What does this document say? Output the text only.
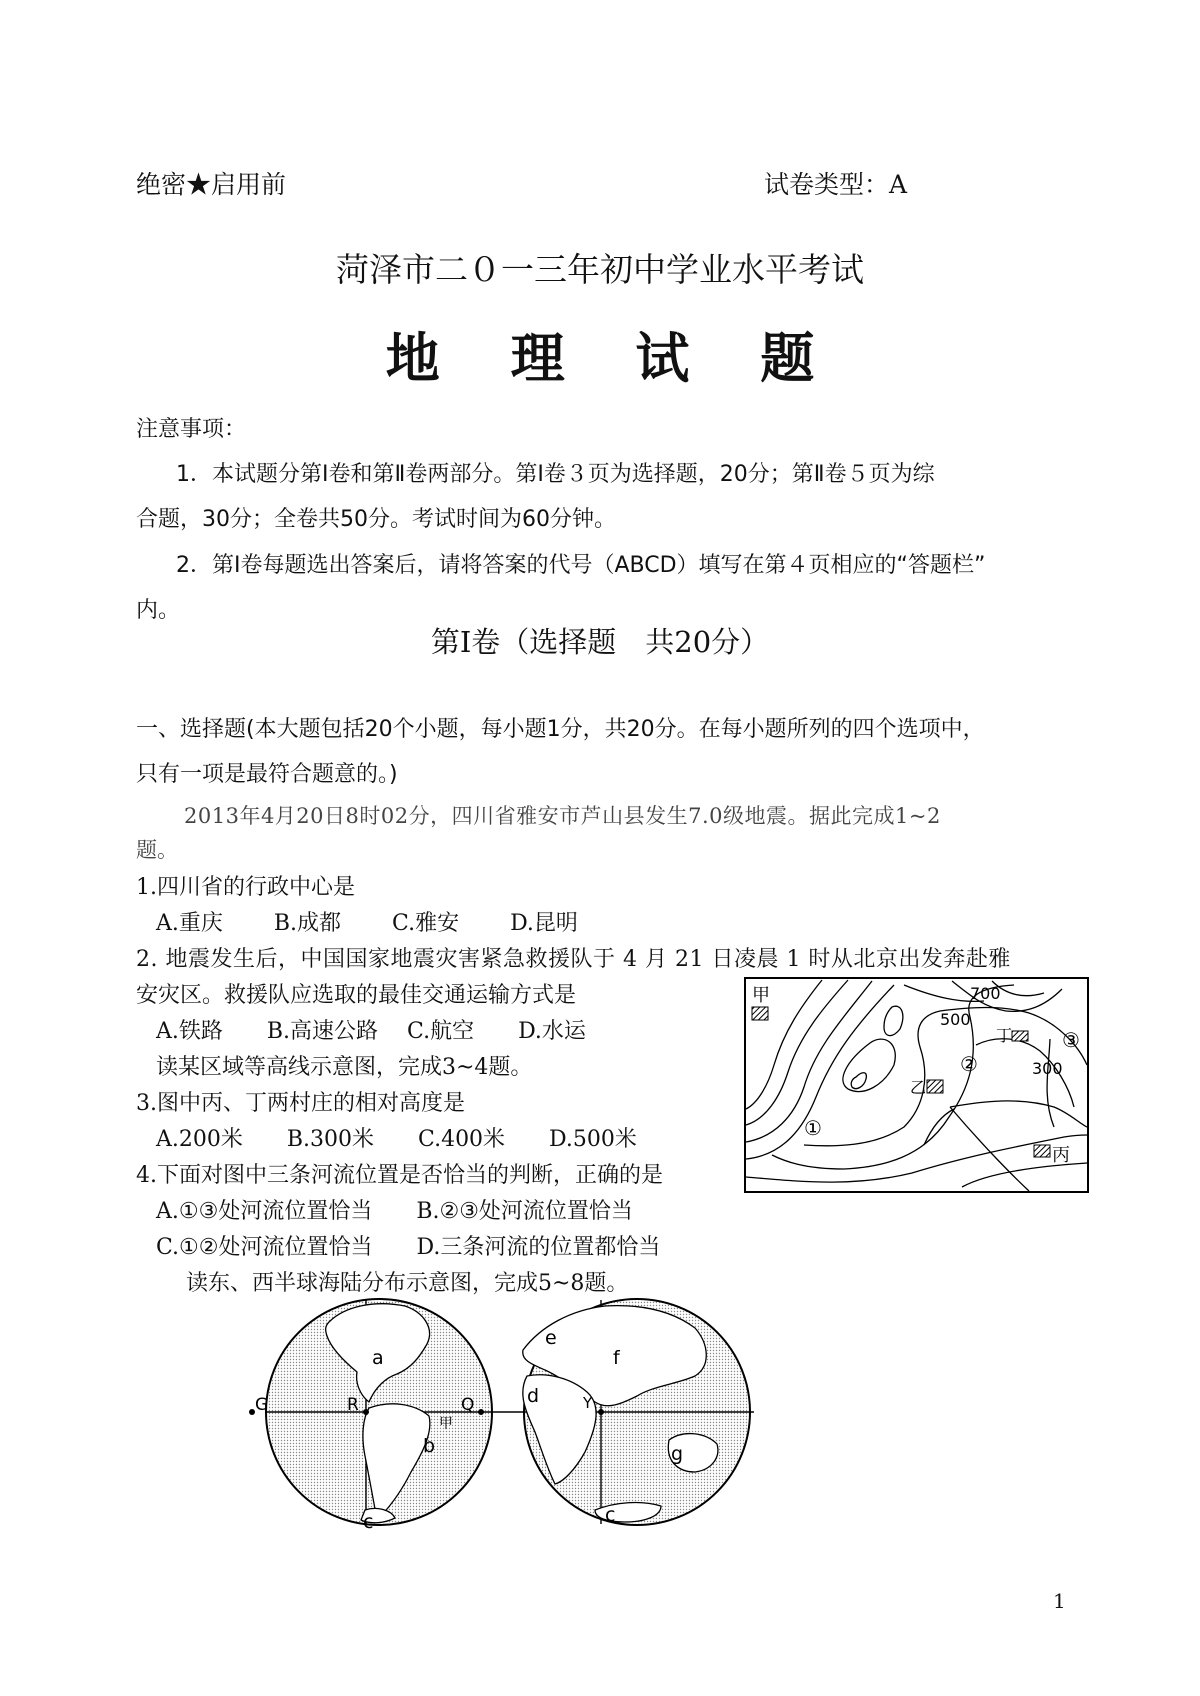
绝密★启用前	试卷类型：A
菏泽市二０一三年初中学业水平考试
地 理 试 题
注意事项：
1．本试题分第Ⅰ卷和第Ⅱ卷两部分。第Ⅰ卷３页为选择题，20分；第Ⅱ卷５页为综
合题，30分；全卷共50分。考试时间为60分钟。
2．第Ⅰ卷每题选出答案后，请将答案的代号（ABCD）填写在第４页相应的“答题栏”
内。
第Ⅰ卷（选择题　共20分）
一、选择题(本大题包括20个小题，每小题1分，共20分。在每小题所列的四个选项中，
只有一项是最符合题意的。)
2013年4月20日8时02分，四川省雅安市芦山县发生7.0级地震。据此完成1~2
题。
1.四川省的行政中心是
A.重庆　　 B.成都　　 C.雅安　　 D.昆明
2. 地震发生后，中国国家地震灾害紧急救援队于 4 月 21 日凌晨 1 时从北京出发奔赴雅
安灾区。救援队应选取的最佳交通运输方式是
A.铁路　　B.高速公路　 C.航空　　D.水运
读某区域等高线示意图，完成3~4题。
3.图中丙、丁两村庄的相对高度是
A.200米　　B.300米　　C.400米　　D.500米
4.下面对图中三条河流位置是否恰当的判断，正确的是
A.①③处河流位置恰当　　B.②③处河流位置恰当
C.①②处河流位置恰当　　D.三条河流的位置都恰当
读东、西半球海陆分布示意图，完成5~8题。
甲
乙
丁
丙
700
500
300
①
②
③
a
b
c	c
d
e
f
g
G	R	Q	Y
甲
1
